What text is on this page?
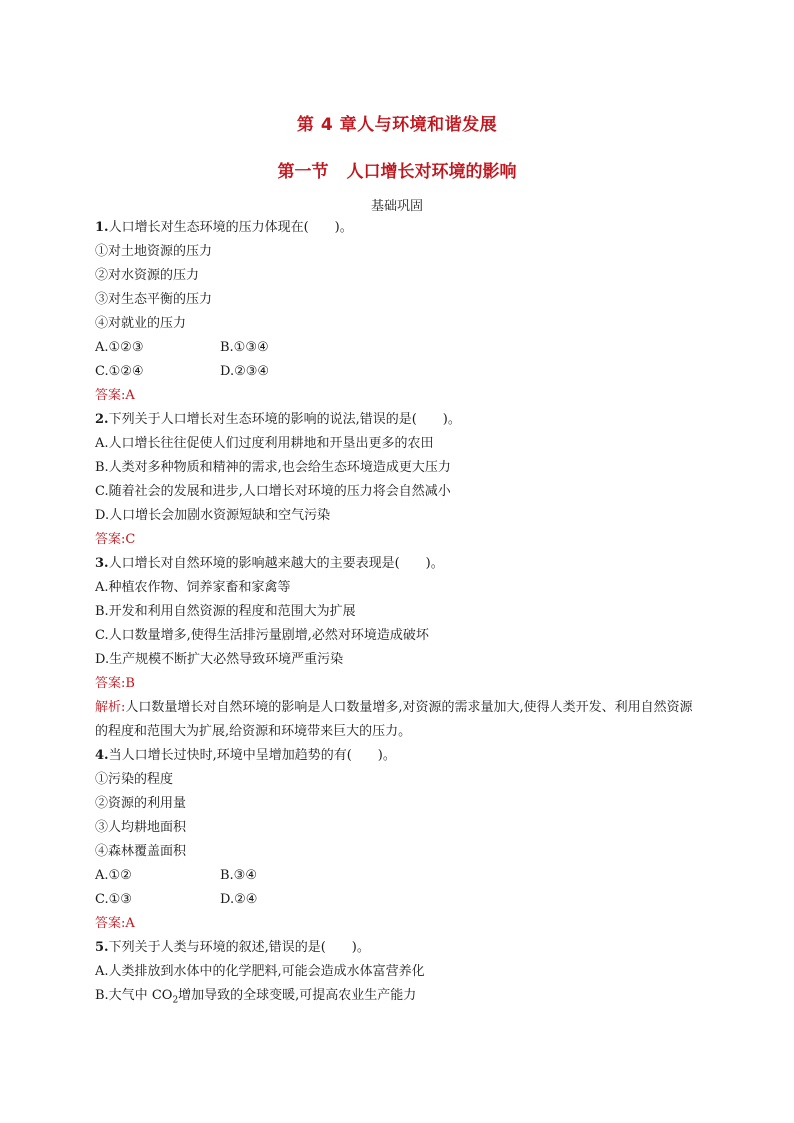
第 4 章人与环境和谐发展
第一节 人口增长对环境的影响
基础巩固
1.人口增长对生态环境的压力体现在(　　)。
①对土地资源的压力
②对水资源的压力
③对生态平衡的压力
④对就业的压力
A.①②③	B.①③④
C.①②④	D.②③④
答案:A
2.下列关于人口增长对生态环境的影响的说法,错误的是(　　)。
A.人口增长往往促使人们过度利用耕地和开垦出更多的农田
B.人类对多种物质和精神的需求,也会给生态环境造成更大压力
C.随着社会的发展和进步,人口增长对环境的压力将会自然减小
D.人口增长会加剧水资源短缺和空气污染
答案:C
3.人口增长对自然环境的影响越来越大的主要表现是(　　)。
A.种植农作物、饲养家畜和家禽等
B.开发和利用自然资源的程度和范围大为扩展
C.人口数量增多,使得生活排污量剧增,必然对环境造成破坏
D.生产规模不断扩大必然导致环境严重污染
答案:B
解析:人口数量增长对自然环境的影响是人口数量增多,对资源的需求量加大,使得人类开发、利用自然资源的程度和范围大为扩展,给资源和环境带来巨大的压力。
4.当人口增长过快时,环境中呈增加趋势的有(　　)。
①污染的程度
②资源的利用量
③人均耕地面积
④森林覆盖面积
A.①②	B.③④
C.①③	D.②④
答案:A
5.下列关于人类与环境的叙述,错误的是(　　)。
A.人类排放到水体中的化学肥料,可能会造成水体富营养化
B.大气中 $CO_2$增加导致的全球变暖,可提高农业生产能力
